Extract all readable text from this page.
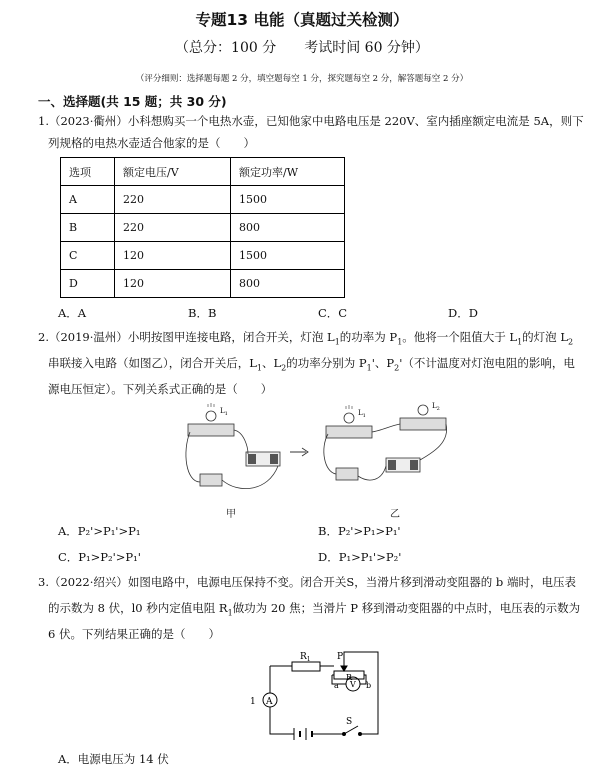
专题13 电能（真题过关检测）
（总分：100 分　　考试时间 60 分钟）
（评分细则：选择题每题 2 分，填空题每空 1 分，探究题每空 2 分，解答题每空 2 分）
一、选择题(共 15 题；共 30 分)
1.（2023·衢州）小科想购买一个电热水壶，已知他家中电路电压是 220V、室内插座额定电流是 5A，则下
列规格的电热水壶适合他家的是（　　）
选项	额定电压/V	额定功率/W
A	220	1500
B	220	800
C	120	1500
D	120	800
A．A	B．B	C．C	D．D
2.（2019·温州）小明按图甲连接电路，闭合开关，灯泡 $L_1$的功率为 $P_1$。他将一个阻值大于 $L_1$的灯泡 $L_2$
串联接入电路（如图乙），闭合开关后，$L_1$、$L_2$的功率分别为 $P_1'$、$P_2'$（不计温度对灯泡电阻的影响，电
源电压恒定）。下列关系式正确的是（　　）
$L_1$	$L_1$
$L_2$
甲	乙
A．P₂'>P₁'>P₁	B．P₂'>P₁>P₁'
C．P₁>P₂'>P₁'	D．P₁>P₁'>P₂'
3.（2022·绍兴）如图电路中，电源电压保持不变。闭合开关S，当滑片移到滑动变阻器的 b 端时，电压表
的示数为 8 伏，l0 秒内定值电阻 $R_1$做功为 20 焦；当滑片 P 移到滑动变阻器的中点时，电压表的示数为
6 伏。下列结果正确的是（　　）
$R_1$	P
a
R
b
A
V
S
1
A．电源电压为 14 伏
